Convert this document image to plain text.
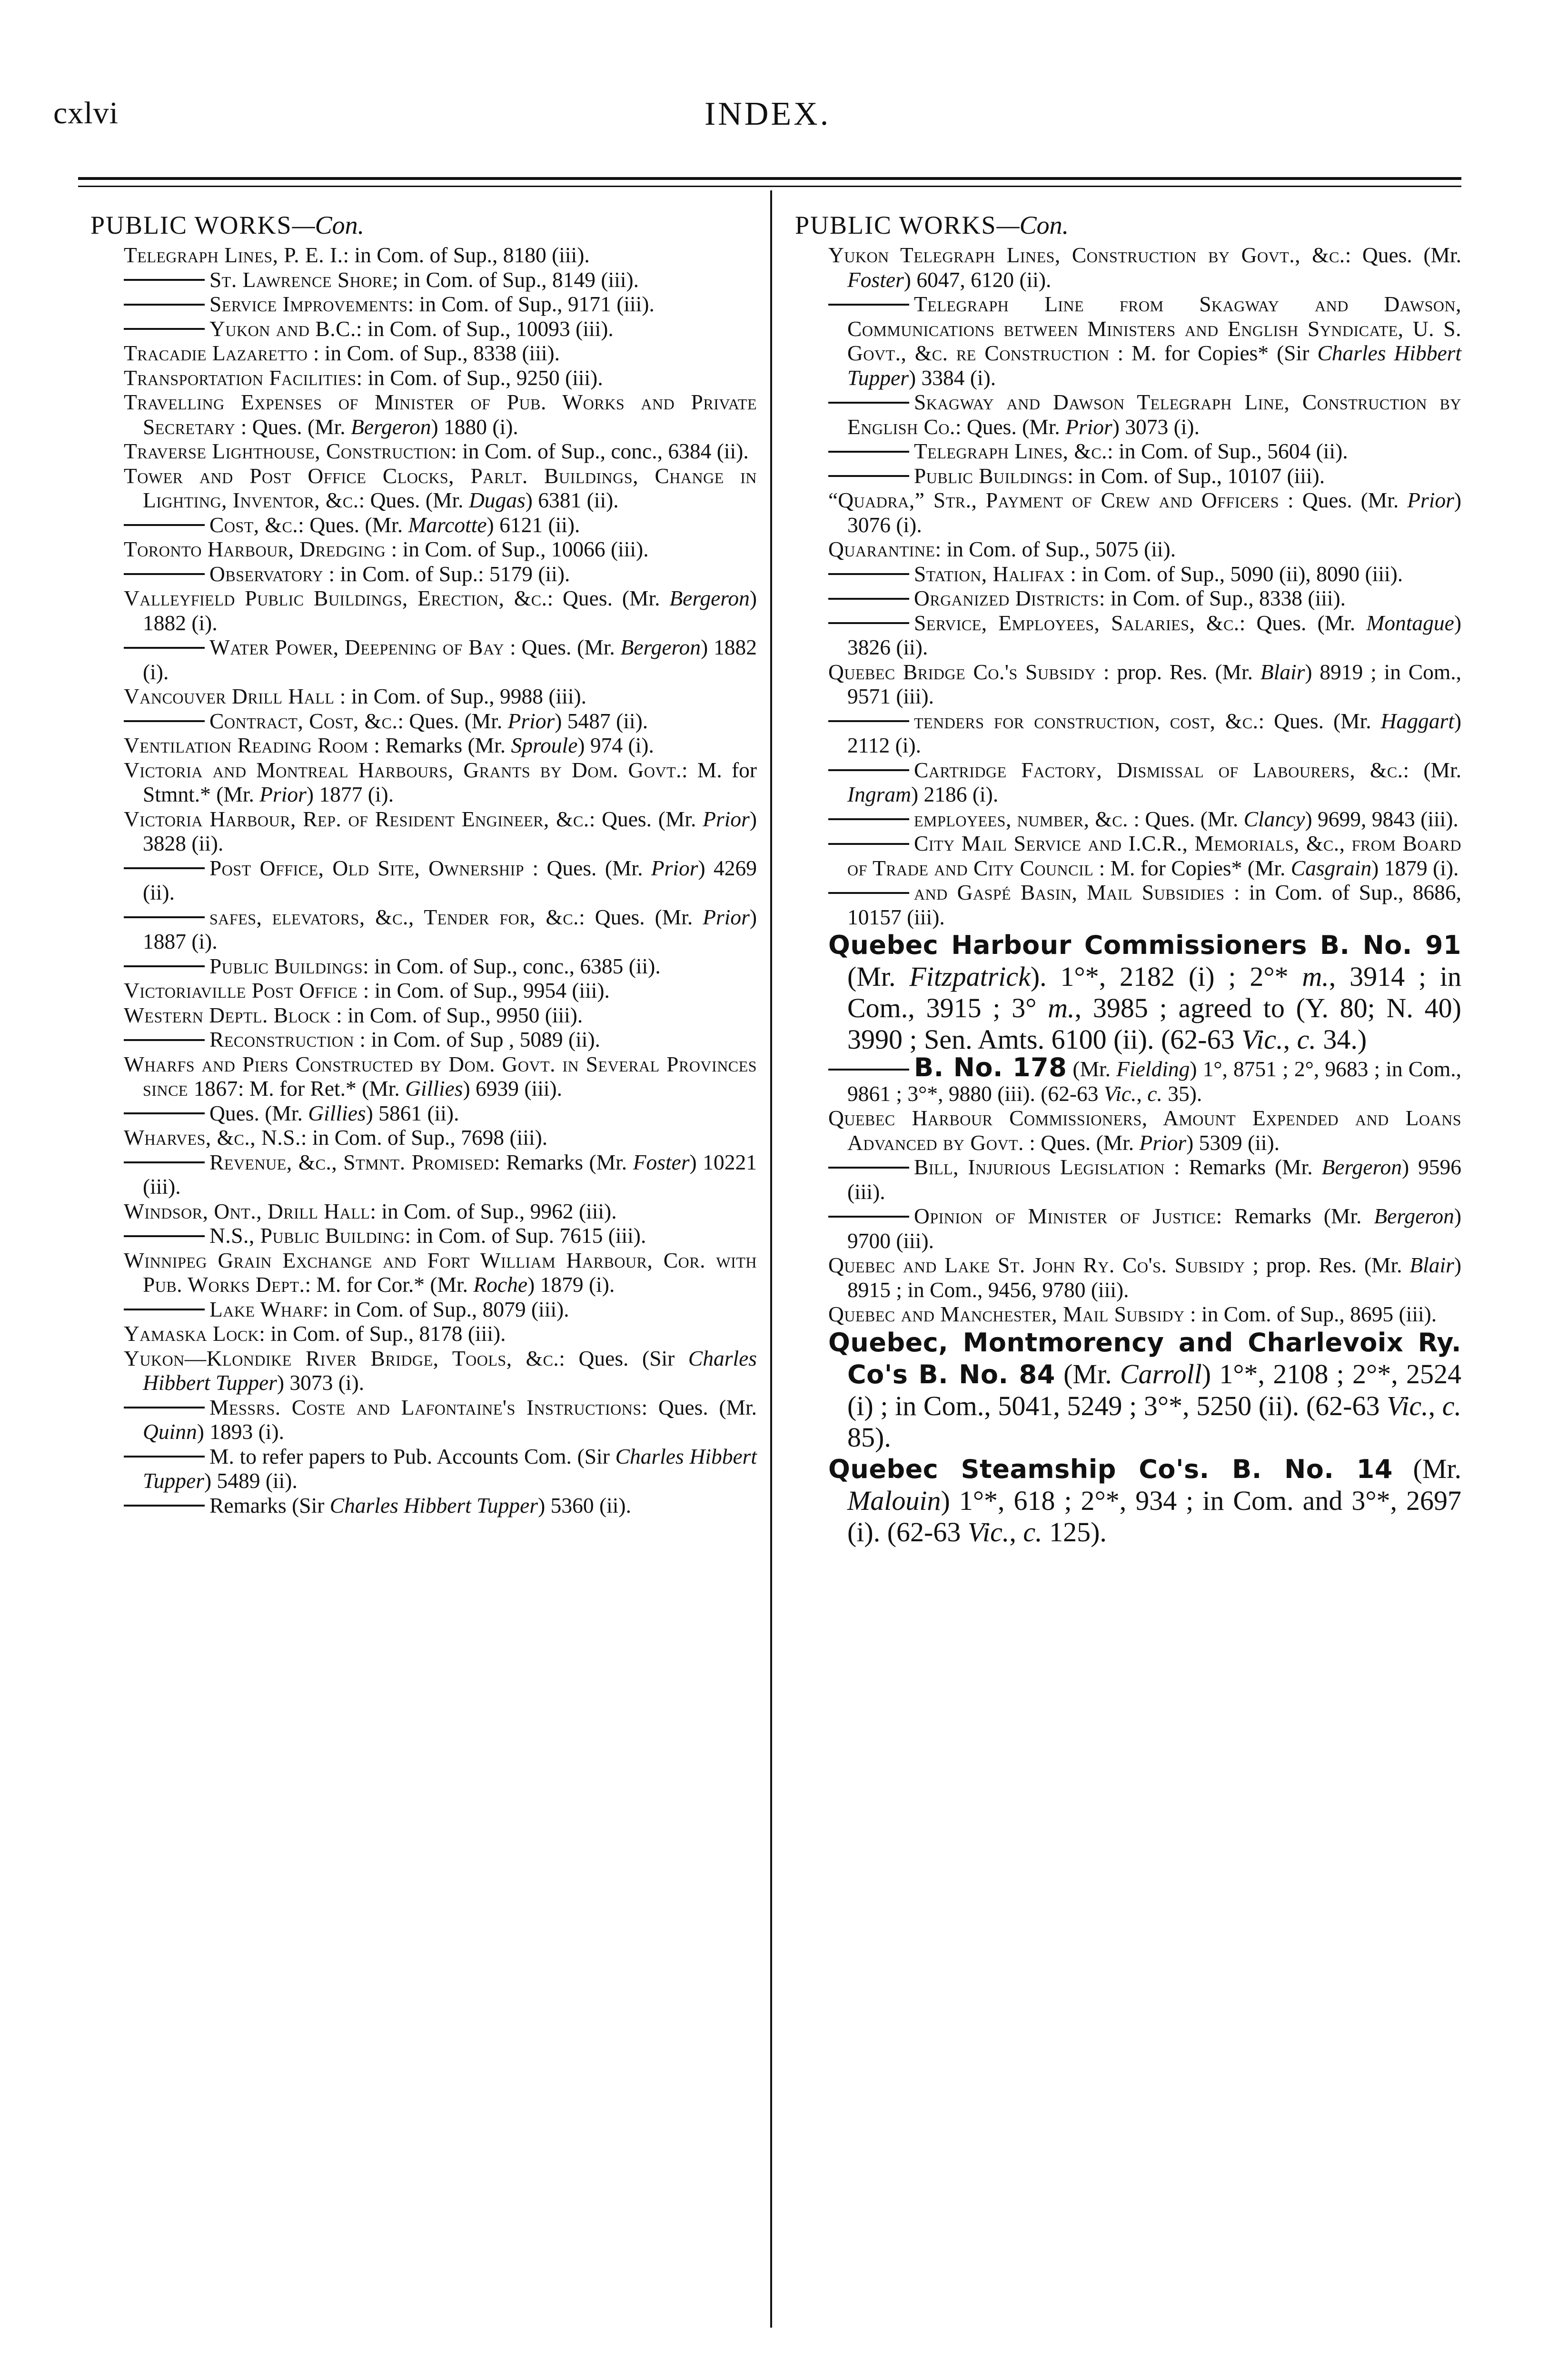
cxlvi	INDEX.
PUBLIC WORKS—Con.

Telegraph Lines, P. E. I.: in Com. of Sup., 8180 (iii).

St. Lawrence Shore; in Com. of Sup., 8149 (iii).

Service Improvements: in Com. of Sup., 9171 (iii).

Yukon and B.C.: in Com. of Sup., 10093 (iii).

Tracadie Lazaretto : in Com. of Sup., 8338 (iii).

Transportation Facilities: in Com. of Sup., 9250 (iii).

Travelling Expenses of Minister of Pub. Works and Private Secretary : Ques. (Mr. Bergeron) 1880 (i).

Traverse Lighthouse, Construction: in Com. of Sup., conc., 6384 (ii).

Tower and Post Office Clocks, Parlt. Buildings, Change in Lighting, Inventor, &c.: Ques. (Mr. Dugas) 6381 (ii).

Cost, &c.: Ques. (Mr. Marcotte) 6121 (ii).

Toronto Harbour, Dredging : in Com. of Sup., 10066 (iii).

Observatory : in Com. of Sup.: 5179 (ii).

Valleyfield Public Buildings, Erection, &c.: Ques. (Mr. Bergeron) 1882 (i).

Water Power, Deepening of Bay : Ques. (Mr. Bergeron) 1882 (i).

Vancouver Drill Hall : in Com. of Sup., 9988 (iii).

Contract, Cost, &c.: Ques. (Mr. Prior) 5487 (ii).

Ventilation Reading Room : Remarks (Mr. Sproule) 974 (i).

Victoria and Montreal Harbours, Grants by Dom. Govt.: M. for Stmnt.* (Mr. Prior) 1877 (i).

Victoria Harbour, Rep. of Resident Engineer, &c.: Ques. (Mr. Prior) 3828 (ii).

Post Office, Old Site, Ownership : Ques. (Mr. Prior) 4269 (ii).

safes, elevators, &c., Tender for, &c.: Ques. (Mr. Prior) 1887 (i).

Public Buildings: in Com. of Sup., conc., 6385 (ii).

Victoriaville Post Office : in Com. of Sup., 9954 (iii).

Western Deptl. Block : in Com. of Sup., 9950 (iii).

Reconstruction : in Com. of Sup , 5089 (ii).

Wharfs and Piers Constructed by Dom. Govt. in Several Provinces since 1867: M. for Ret.* (Mr. Gillies) 6939 (iii).

Ques. (Mr. Gillies) 5861 (ii).

Wharves, &c., N.S.: in Com. of Sup., 7698 (iii).

Revenue, &c., Stmnt. Promised: Remarks (Mr. Foster) 10221 (iii).

Windsor, Ont., Drill Hall: in Com. of Sup., 9962 (iii).

N.S., Public Building: in Com. of Sup. 7615 (iii).

Winnipeg Grain Exchange and Fort William Harbour, Cor. with Pub. Works Dept.: M. for Cor.* (Mr. Roche) 1879 (i).

Lake Wharf: in Com. of Sup., 8079 (iii).

Yamaska Lock: in Com. of Sup., 8178 (iii).

Yukon—Klondike River Bridge, Tools, &c.: Ques. (Sir Charles Hibbert Tupper) 3073 (i).

Messrs. Coste and Lafontaine's Instructions: Ques. (Mr. Quinn) 1893 (i).

M. to refer papers to Pub. Accounts Com. (Sir Charles Hibbert Tupper) 5489 (ii).

Remarks (Sir Charles Hibbert Tupper) 5360 (ii).

PUBLIC WORKS—Con.

Yukon Telegraph Lines, Construction by Govt., &c.: Ques. (Mr. Foster) 6047, 6120 (ii).

Telegraph Line from Skagway and Dawson, Communications between Ministers and English Syndicate, U. S. Govt., &c. re Construction : M. for Copies* (Sir Charles Hibbert Tupper) 3384 (i).

Skagway and Dawson Telegraph Line, Construction by English Co.: Ques. (Mr. Prior) 3073 (i).

Telegraph Lines, &c.: in Com. of Sup., 5604 (ii).

Public Buildings: in Com. of Sup., 10107 (iii).

“Quadra,” Str., Payment of Crew and Officers : Ques. (Mr. Prior) 3076 (i).

Quarantine: in Com. of Sup., 5075 (ii).

Station, Halifax : in Com. of Sup., 5090 (ii), 8090 (iii).

Organized Districts: in Com. of Sup., 8338 (iii).

Service, Employees, Salaries, &c.: Ques. (Mr. Montague) 3826 (ii).

Quebec Bridge Co.'s Subsidy : prop. Res. (Mr. Blair) 8919 ; in Com., 9571 (iii).

tenders for construction, cost, &c.: Ques. (Mr. Haggart) 2112 (i).

Cartridge Factory, Dismissal of Labourers, &c.: (Mr. Ingram) 2186 (i).

employees, number, &c. : Ques. (Mr. Clancy) 9699, 9843 (iii).

City Mail Service and I.C.R., Memorials, &c., from Board of Trade and City Council : M. for Copies* (Mr. Casgrain) 1879 (i).

and Gaspé Basin, Mail Subsidies : in Com. of Sup., 8686, 10157 (iii).

Quebec Harbour Commissioners B. No. 91 (Mr. Fitzpatrick). 1°*, 2182 (i) ; 2°* m., 3914 ; in Com., 3915 ; 3° m., 3985 ; agreed to (Y. 80; N. 40) 3990 ; Sen. Amts. 6100 (ii). (62-63 Vic., c. 34.)

B. No. 178 (Mr. Fielding) 1°, 8751 ; 2°, 9683 ; in Com., 9861 ; 3°*, 9880 (iii). (62-63 Vic., c. 35).

Quebec Harbour Commissioners, Amount Expended and Loans Advanced by Govt. : Ques. (Mr. Prior) 5309 (ii).

Bill, Injurious Legislation : Remarks (Mr. Bergeron) 9596 (iii).

Opinion of Minister of Justice: Remarks (Mr. Bergeron) 9700 (iii).

Quebec and Lake St. John Ry. Co's. Subsidy ; prop. Res. (Mr. Blair) 8915 ; in Com., 9456, 9780 (iii).

Quebec and Manchester, Mail Subsidy : in Com. of Sup., 8695 (iii).

Quebec, Montmorency and Charlevoix Ry. Co's B. No. 84 (Mr. Carroll) 1°*, 2108 ; 2°*, 2524 (i) ; in Com., 5041, 5249 ; 3°*, 5250 (ii). (62-63 Vic., c. 85).

Quebec Steamship Co's. B. No. 14 (Mr. Malouin) 1°*, 618 ; 2°*, 934 ; in Com. and 3°*, 2697 (i). (62-63 Vic., c. 125).
